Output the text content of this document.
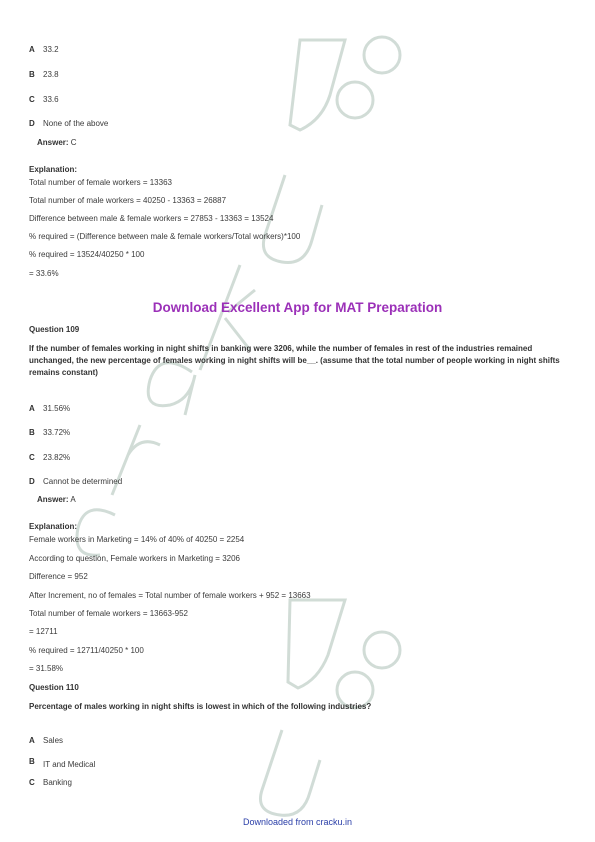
A 33.2
B 23.8
C 33.6
D None of the above
Answer: C
Explanation:
Total number of female workers = 13363
Total number of male workers = 40250 - 13363 = 26887
Difference between male & female workers = 27853 - 13363 = 13524
% required = (Difference between male & female workers/Total workers)*100
% required = 13524/40250 * 100
= 33.6%
Download Excellent App for MAT Preparation
Question 109
If the number of females working in night shifts in banking were 3206, while the number of females in rest of the industries remained unchanged, the new percentage of females working in night shifts will be__. (assume that the total number of people working in night shifts remains constant)
A 31.56%
B 33.72%
C 23.82%
D Cannot be determined
Answer: A
Explanation:
Female workers in Marketing = 14% of 40% of 40250 = 2254
According to question, Female workers in Marketing = 3206
Difference = 952
After Increment, no of females = Total number of female workers + 952 = 13663
Total number of female workers = 13663-952
= 12711
% required = 12711/40250 * 100
= 31.58%
Question 110
Percentage of males working in night shifts is lowest in which of the following industries?
A Sales
B IT and Medical
C Banking
Downloaded from cracku.in
